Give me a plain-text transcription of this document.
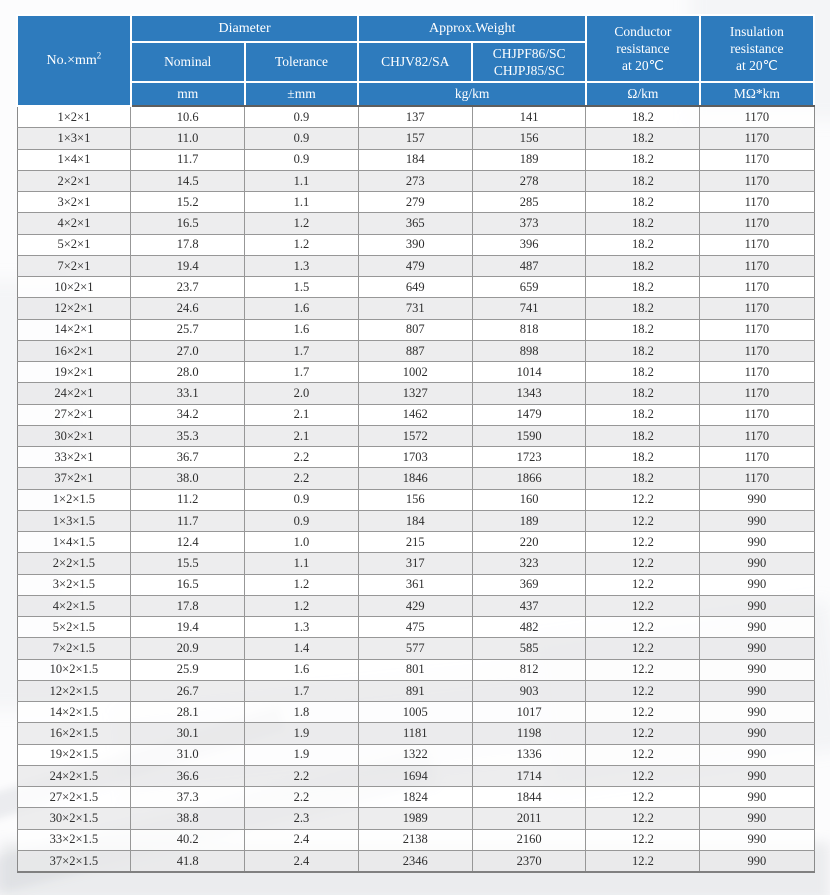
$No.\times mm^2$	Diameter		Approx.Weight		Conductor
resistance
at 20℃	Insulation
resistance
at 20℃

	Nominal	Tolerance	CHJV82/SA	CHJPF86/SC
CHJPJ85/SC		

	mm	±mm	kg/km		Ω/km	MΩ*km
1×2×1	10.6	0.9	137	141	18.2	1170
1×3×1	11.0	0.9	157	156	18.2	1170
1×4×1	11.7	0.9	184	189	18.2	1170
2×2×1	14.5	1.1	273	278	18.2	1170
3×2×1	15.2	1.1	279	285	18.2	1170
4×2×1	16.5	1.2	365	373	18.2	1170
5×2×1	17.8	1.2	390	396	18.2	1170
7×2×1	19.4	1.3	479	487	18.2	1170
10×2×1	23.7	1.5	649	659	18.2	1170
12×2×1	24.6	1.6	731	741	18.2	1170
14×2×1	25.7	1.6	807	818	18.2	1170
16×2×1	27.0	1.7	887	898	18.2	1170
19×2×1	28.0	1.7	1002	1014	18.2	1170
24×2×1	33.1	2.0	1327	1343	18.2	1170
27×2×1	34.2	2.1	1462	1479	18.2	1170
30×2×1	35.3	2.1	1572	1590	18.2	1170
33×2×1	36.7	2.2	1703	1723	18.2	1170
37×2×1	38.0	2.2	1846	1866	18.2	1170
1×2×1.5	11.2	0.9	156	160	12.2	990
1×3×1.5	11.7	0.9	184	189	12.2	990
1×4×1.5	12.4	1.0	215	220	12.2	990
2×2×1.5	15.5	1.1	317	323	12.2	990
3×2×1.5	16.5	1.2	361	369	12.2	990
4×2×1.5	17.8	1.2	429	437	12.2	990
5×2×1.5	19.4	1.3	475	482	12.2	990
7×2×1.5	20.9	1.4	577	585	12.2	990
10×2×1.5	25.9	1.6	801	812	12.2	990
12×2×1.5	26.7	1.7	891	903	12.2	990
14×2×1.5	28.1	1.8	1005	1017	12.2	990
16×2×1.5	30.1	1.9	1181	1198	12.2	990
19×2×1.5	31.0	1.9	1322	1336	12.2	990
24×2×1.5	36.6	2.2	1694	1714	12.2	990
27×2×1.5	37.3	2.2	1824	1844	12.2	990
30×2×1.5	38.8	2.3	1989	2011	12.2	990
33×2×1.5	40.2	2.4	2138	2160	12.2	990
37×2×1.5	41.8	2.4	2346	2370	12.2	990
